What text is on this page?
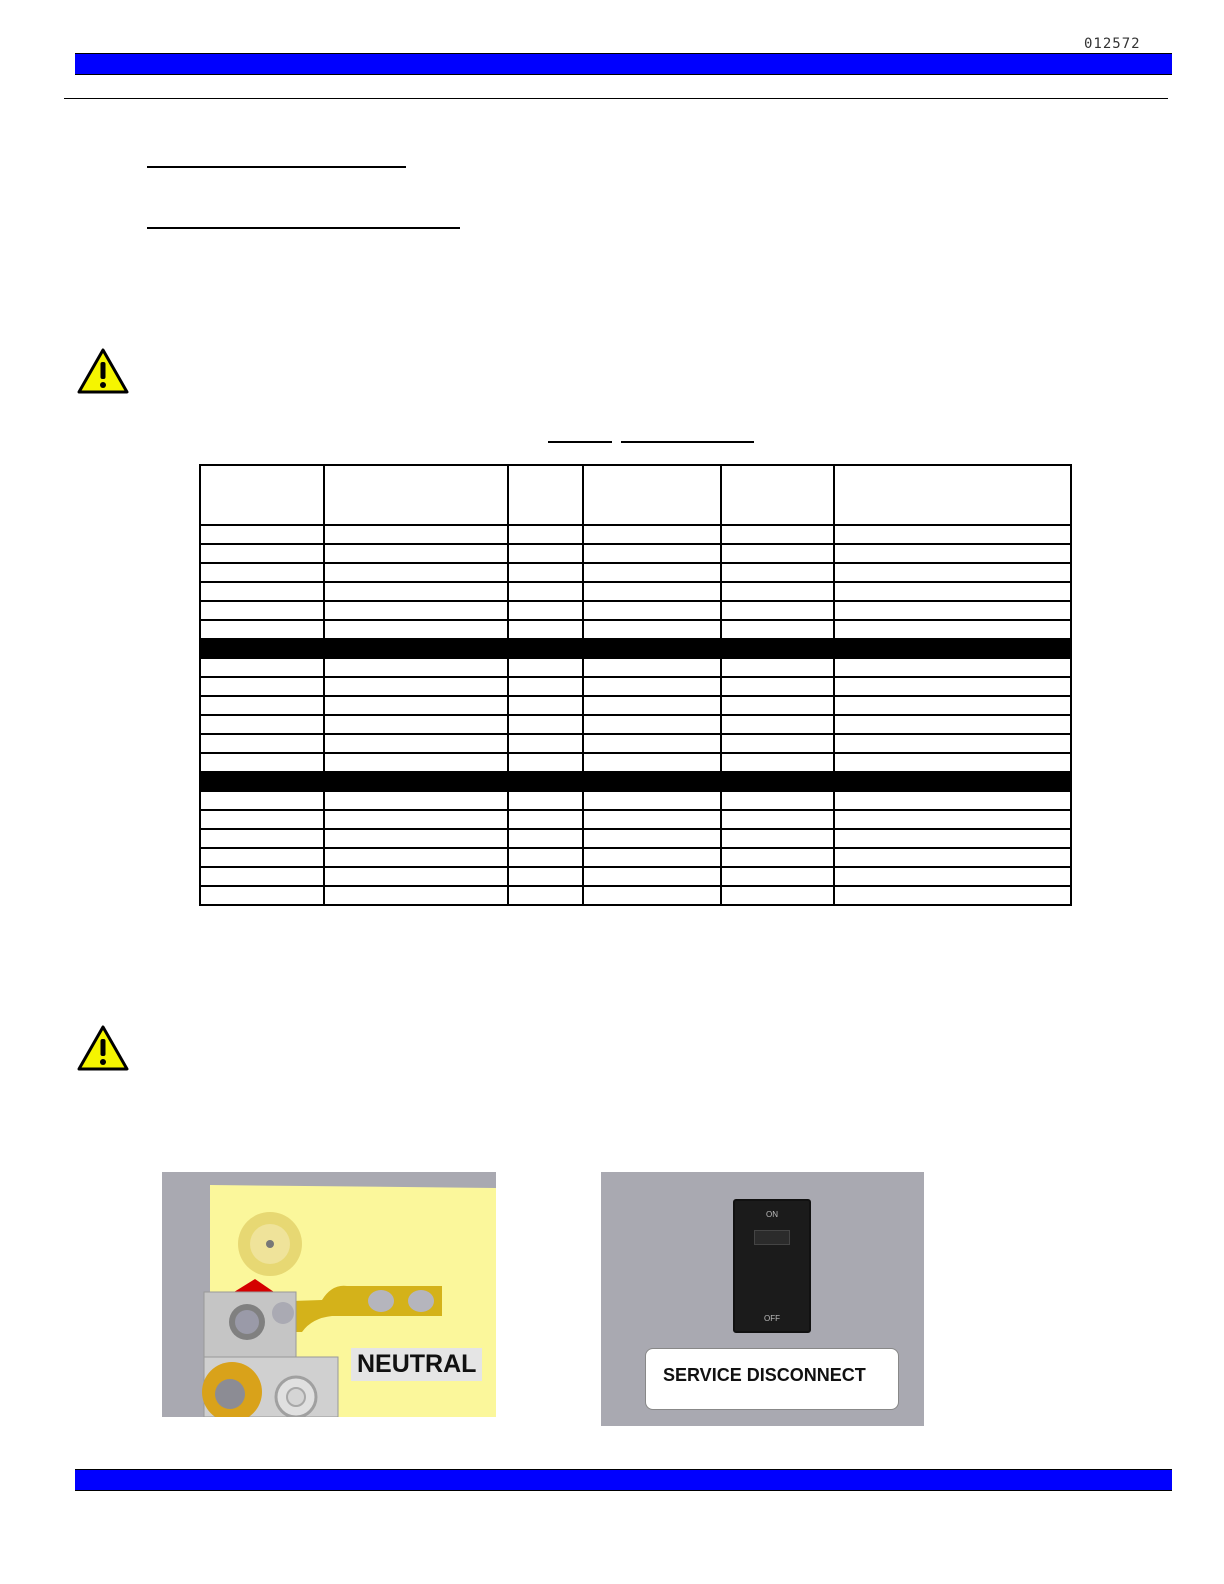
012572

NEUTRAL
ON
OFF
SERVICE DISCONNECT
